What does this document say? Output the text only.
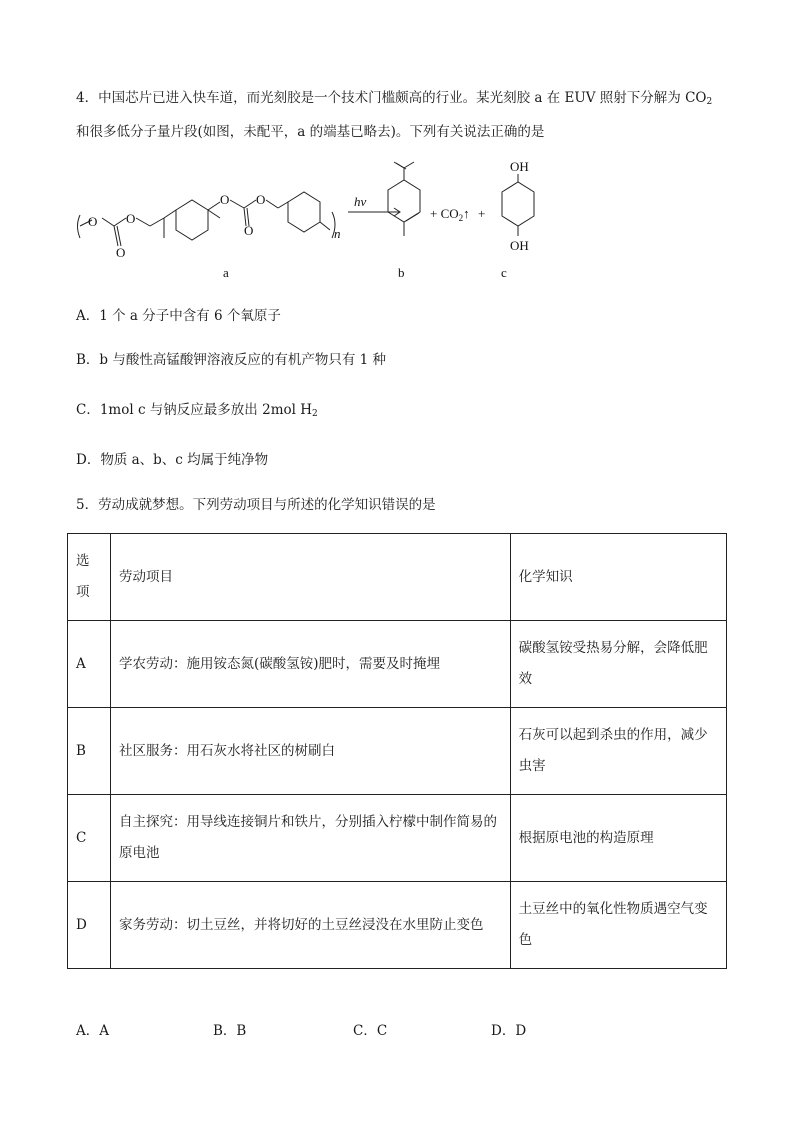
4．中国芯片已进入快车道，而光刻胶是一个技术门槛颇高的行业。某光刻胶 a 在 EUV 照射下分解为 $CO_2$
和很多低分子量片段(如图，未配平，a 的端基已略去)。下列有关说法正确的是
O O
O
O O
O	n
hν
+ $CO_2↑$ +
OH
OH
a	b	c
A．1 个 a 分子中含有 6 个氧原子
B．b 与酸性高锰酸钾溶液反应的有机产物只有 1 种
C．1mol c 与钠反应最多放出 2mol $H_2$
D．物质 a、b、c 均属于纯净物
5．劳动成就梦想。下列劳动项目与所述的化学知识错误的是
选项	劳动项目	化学知识
A	学农劳动：施用铵态氮(碳酸氢铵)肥时，需要及时掩埋	碳酸氢铵受热易分解，会降低肥效
B	社区服务：用石灰水将社区的树刷白	石灰可以起到杀虫的作用，减少虫害
C	自主探究：用导线连接铜片和铁片，分别插入柠檬中制作简易的原电池	根据原电池的构造原理
D	家务劳动：切土豆丝，并将切好的土豆丝浸没在水里防止变色	土豆丝中的氧化性物质遇空气变色
A．A	B．B	C．C	D．D
